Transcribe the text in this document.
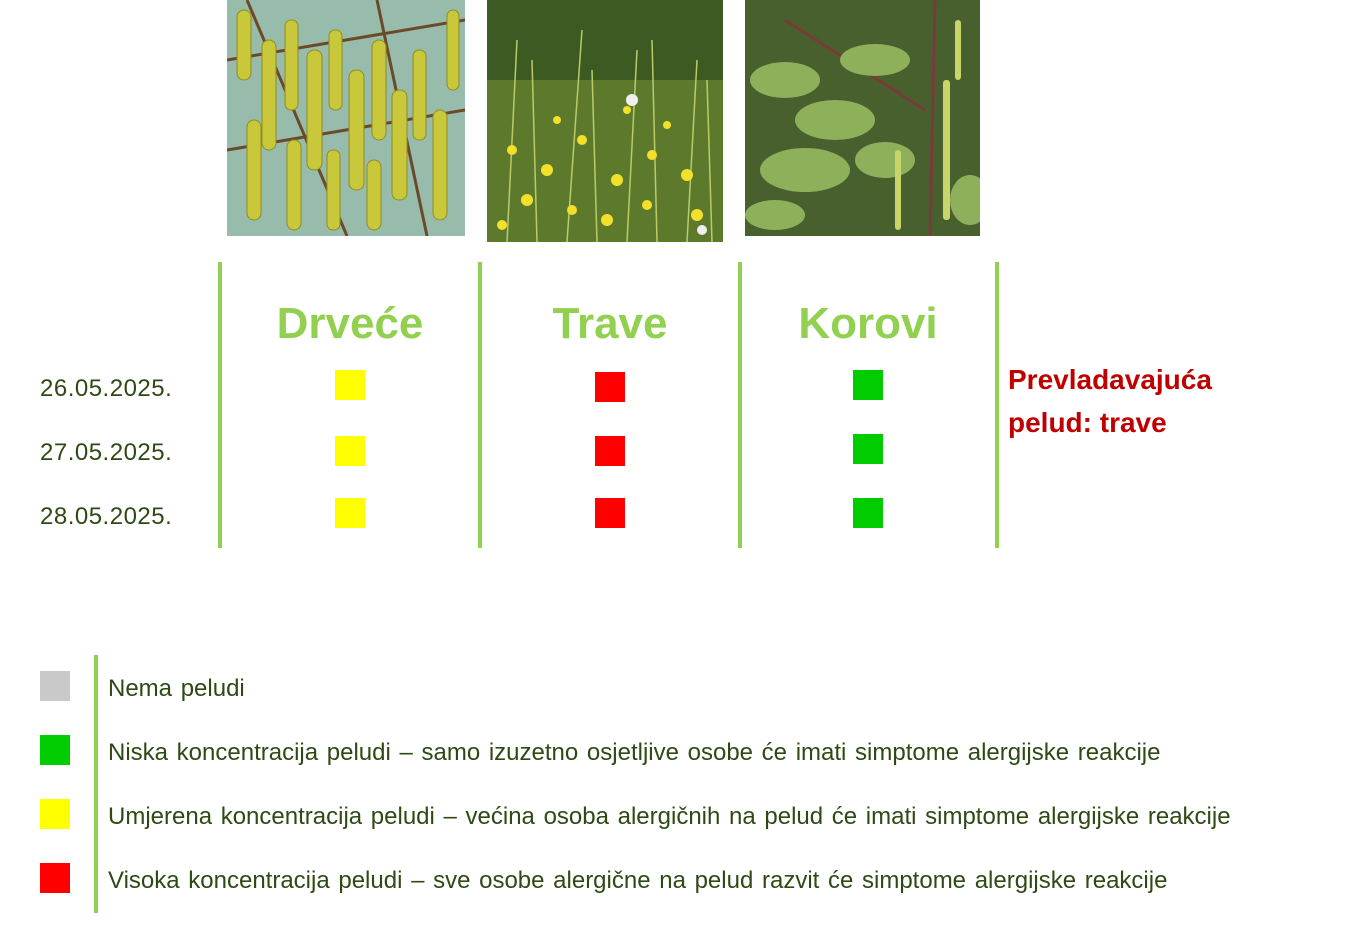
Drveće	Trave	Korovi
26.05.2025.
27.05.2025.
28.05.2025.
Prevladavajuća
pelud: trave
Nema peludi
Niska koncentracija peludi – samo izuzetno osjetljive osobe će imati simptome alergijske reakcije
Umjerena koncentracija peludi – većina osoba alergičnih na pelud će imati simptome alergijske reakcije
Visoka koncentracija peludi – sve osobe alergične na pelud razvit će simptome alergijske reakcije
